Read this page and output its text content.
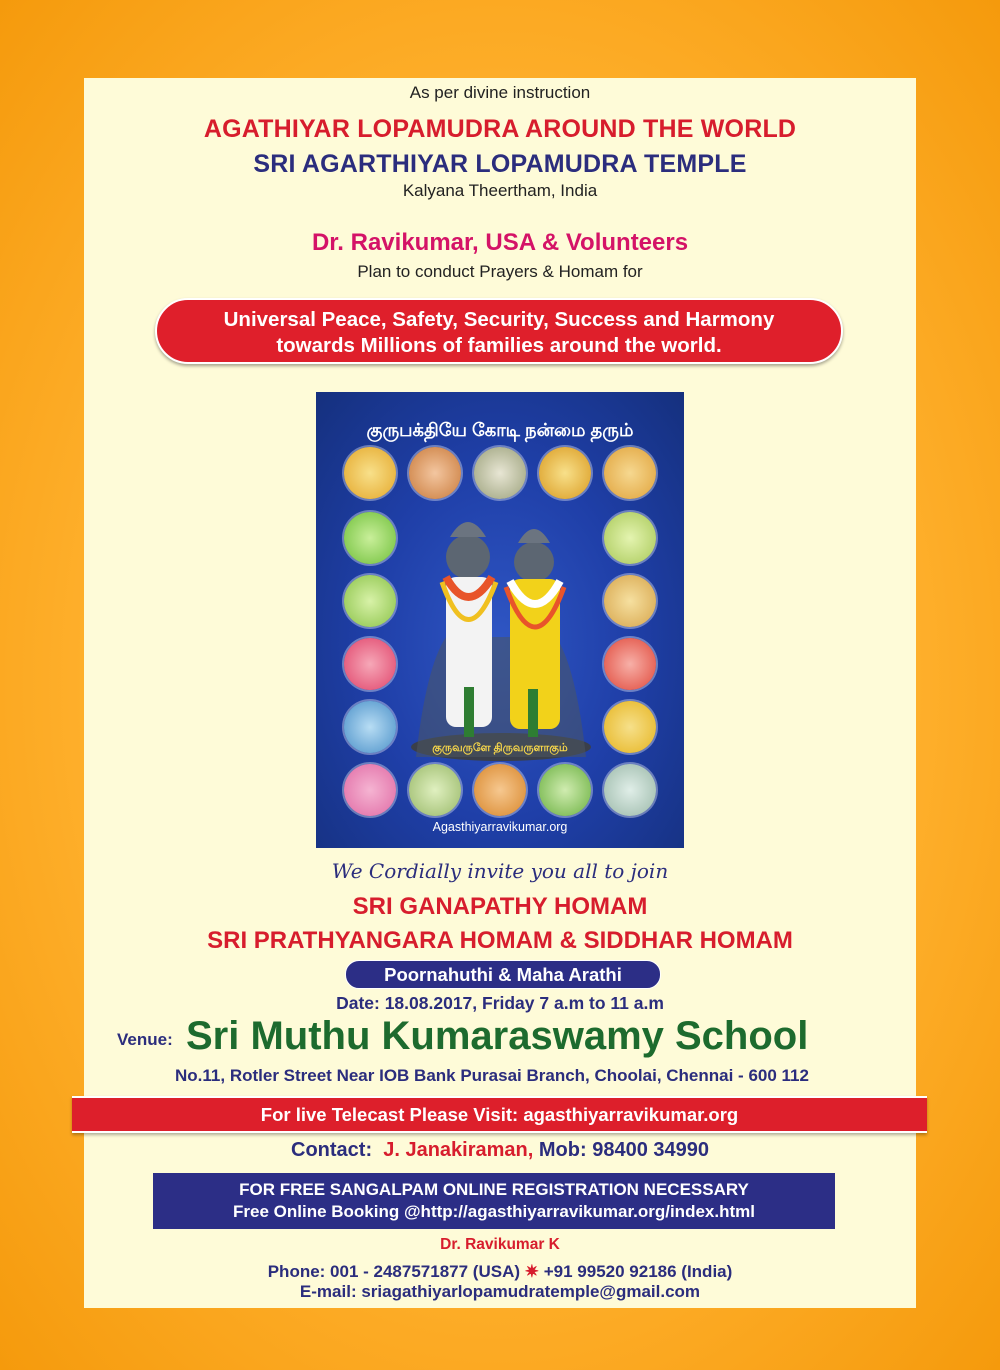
As per divine instruction
AGATHIYAR LOPAMUDRA AROUND THE WORLD
SRI AGARTHIYAR LOPAMUDRA TEMPLE
Kalyana Theertham, India
Dr. Ravikumar, USA & Volunteers
Plan to conduct Prayers & Homam for
Universal Peace, Safety, Security, Success and Harmony
towards Millions of families around the world.
குருபக்தியே கோடி நன்மை தரும்
குருவருளே திருவருளாகும்
Agasthiyarravikumar.org
We Cordially invite you all to join
SRI GANAPATHY HOMAM
SRI PRATHYANGARA HOMAM & SIDDHAR HOMAM
Poornahuthi & Maha Arathi
Date: 18.08.2017, Friday 7 a.m to 11 a.m
Venue: Sri Muthu Kumaraswamy School
No.11, Rotler Street Near IOB Bank Purasai Branch, Choolai, Chennai - 600 112
For live Telecast Please Visit: agasthiyarravikumar.org
Contact: J. Janakiraman, Mob: 98400 34990
FOR FREE SANGALPAM ONLINE REGISTRATION NECESSARY
Free Online Booking @http://agasthiyarravikumar.org/index.html
Dr. Ravikumar K
Phone: 001 - 2487571877 (USA) ✷ +91 99520 92186 (India)
E-mail: sriagathiyarlopamudratemple@gmail.com
